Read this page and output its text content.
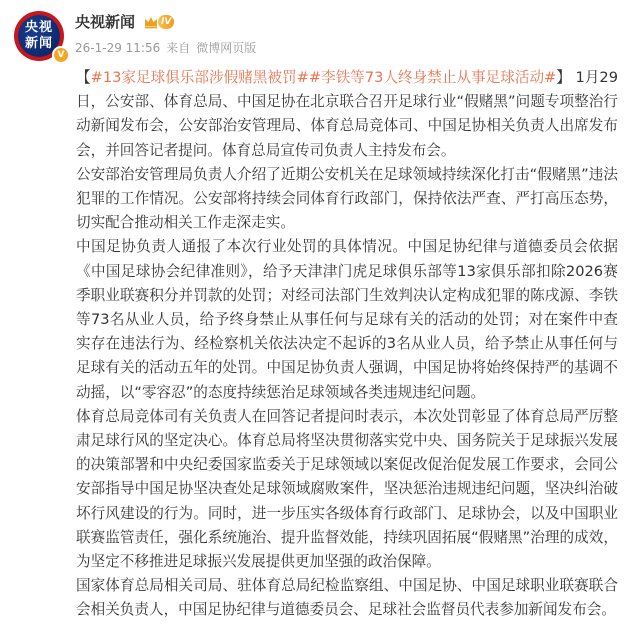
央视
新闻
V
央视新闻	IV
26-1-29 11:56 来自 微博网页版

【#13家足球俱乐部涉假赌黑被罚##李铁等73人终身禁止从事足球活动#】 1月29日，公安部、体育总局、中国足协在北京联合召开足球行业“假赌黑”问题专项整治行动新闻发布会，公安部治安管理局、体育总局竞体司、中国足协相关负责人出席发布会，并回答记者提问。体育总局宣传司负责人主持发布会。

公安部治安管理局负责人介绍了近期公安机关在足球领域持续深化打击“假赌黑”违法犯罪的工作情况。公安部将持续会同体育行政部门，保持依法严查、严打高压态势，切实配合推动相关工作走深走实。

中国足协负责人通报了本次行业处罚的具体情况。中国足协纪律与道德委员会依据《中国足球协会纪律准则》，给予天津津门虎足球俱乐部等13家俱乐部扣除2026赛季职业联赛积分并罚款的处罚；对经司法部门生效判决认定构成犯罪的陈戌源、李铁等73名从业人员，给予终身禁止从事任何与足球有关的活动的处罚；对在案件中查实存在违法行为、经检察机关依法决定不起诉的3名从业人员，给予禁止从事任何与足球有关的活动五年的处罚。中国足协负责人强调，中国足协将始终保持严的基调不动摇，以“零容忍”的态度持续惩治足球领域各类违规违纪问题。

体育总局竞体司有关负责人在回答记者提问时表示，本次处罚彰显了体育总局严厉整肃足球行风的坚定决心。体育总局将坚决贯彻落实党中央、国务院关于足球振兴发展的决策部署和中央纪委国家监委关于足球领域以案促改促治促发展工作要求，会同公安部指导中国足协坚决查处足球领域腐败案件，坚决惩治违规违纪问题，坚决纠治破坏行风建设的行为。同时，进一步压实各级体育行政部门、足球协会，以及中国职业联赛监管责任，强化系统施治、提升监督效能，持续巩固拓展“假赌黑”治理的成效，为坚定不移推进足球振兴发展提供更加坚强的政治保障。

国家体育总局相关司局、驻体育总局纪检监察组、中国足协、中国足球职业联赛联合会相关负责人，中国足协纪律与道德委员会、足球社会监督员代表参加新闻发布会。
